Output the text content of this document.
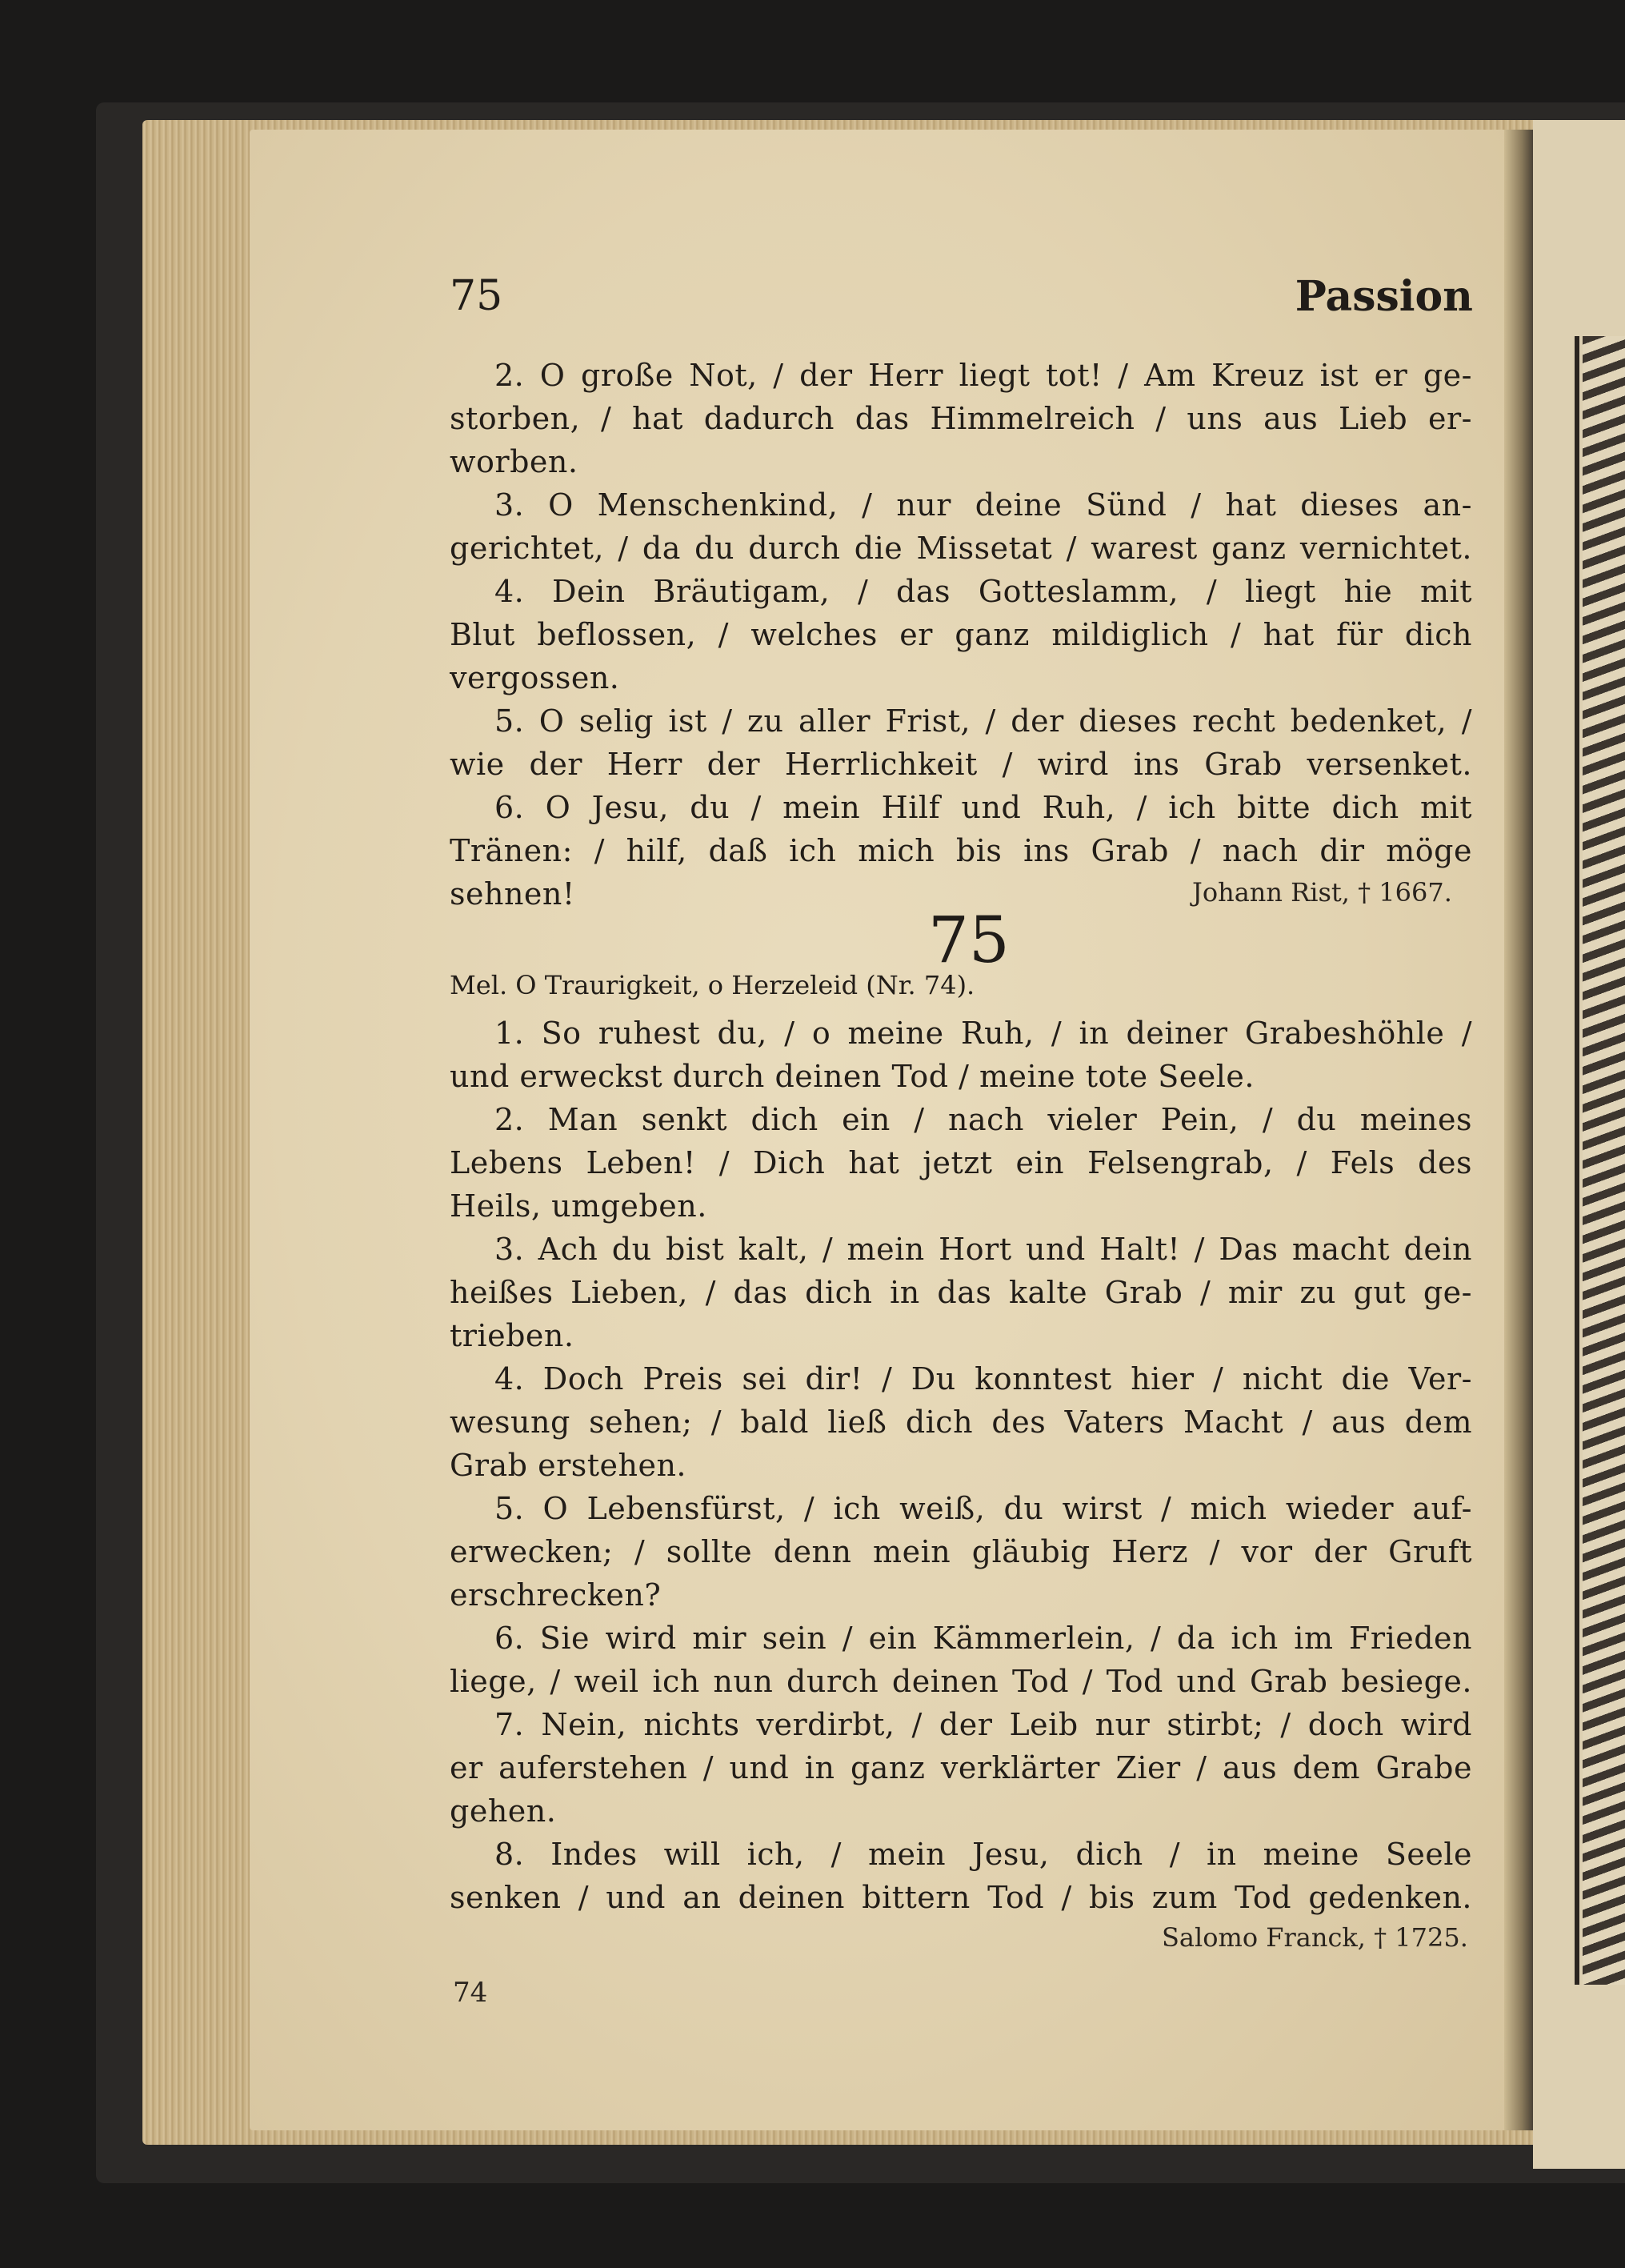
75	Passion
2. O große Not, / der Herr liegt tot! / Am Kreuz ist er ge-
storben, / hat dadurch das Himmelreich / uns aus Lieb er-
worben.
3. O Menschenkind, / nur deine Sünd / hat dieses an-
gerichtet, / da du durch die Missetat / warest ganz vernichtet.
4. Dein Bräutigam, / das Gotteslamm, / liegt hie mit
Blut beflossen, / welches er ganz mildiglich / hat für dich
vergossen.
5. O selig ist / zu aller Frist, / der dieses recht bedenket, /
wie der Herr der Herrlichkeit / wird ins Grab versenket.
6. O Jesu, du / mein Hilf und Ruh, / ich bitte dich mit
Tränen: / hilf, daß ich mich bis ins Grab / nach dir möge
sehnen!	Johann Rist, † 1667.
75
Mel. O Traurigkeit, o Herzeleid (Nr. 74).
1. So ruhest du, / o meine Ruh, / in deiner Grabeshöhle /
und erweckst durch deinen Tod / meine tote Seele.
2. Man senkt dich ein / nach vieler Pein, / du meines
Lebens Leben! / Dich hat jetzt ein Felsengrab, / Fels des
Heils, umgeben.
3. Ach du bist kalt, / mein Hort und Halt! / Das macht dein
heißes Lieben, / das dich in das kalte Grab / mir zu gut ge-
trieben.
4. Doch Preis sei dir! / Du konntest hier / nicht die Ver-
wesung sehen; / bald ließ dich des Vaters Macht / aus dem
Grab erstehen.
5. O Lebensfürst, / ich weiß, du wirst / mich wieder auf-
erwecken; / sollte denn mein gläubig Herz / vor der Gruft
erschrecken?
6. Sie wird mir sein / ein Kämmerlein, / da ich im Frieden
liege, / weil ich nun durch deinen Tod / Tod und Grab besiege.
7. Nein, nichts verdirbt, / der Leib nur stirbt; / doch wird
er auferstehen / und in ganz verklärter Zier / aus dem Grabe
gehen.
8. Indes will ich, / mein Jesu, dich / in meine Seele
senken / und an deinen bittern Tod / bis zum Tod gedenken.
Salomo Franck, † 1725.
74
